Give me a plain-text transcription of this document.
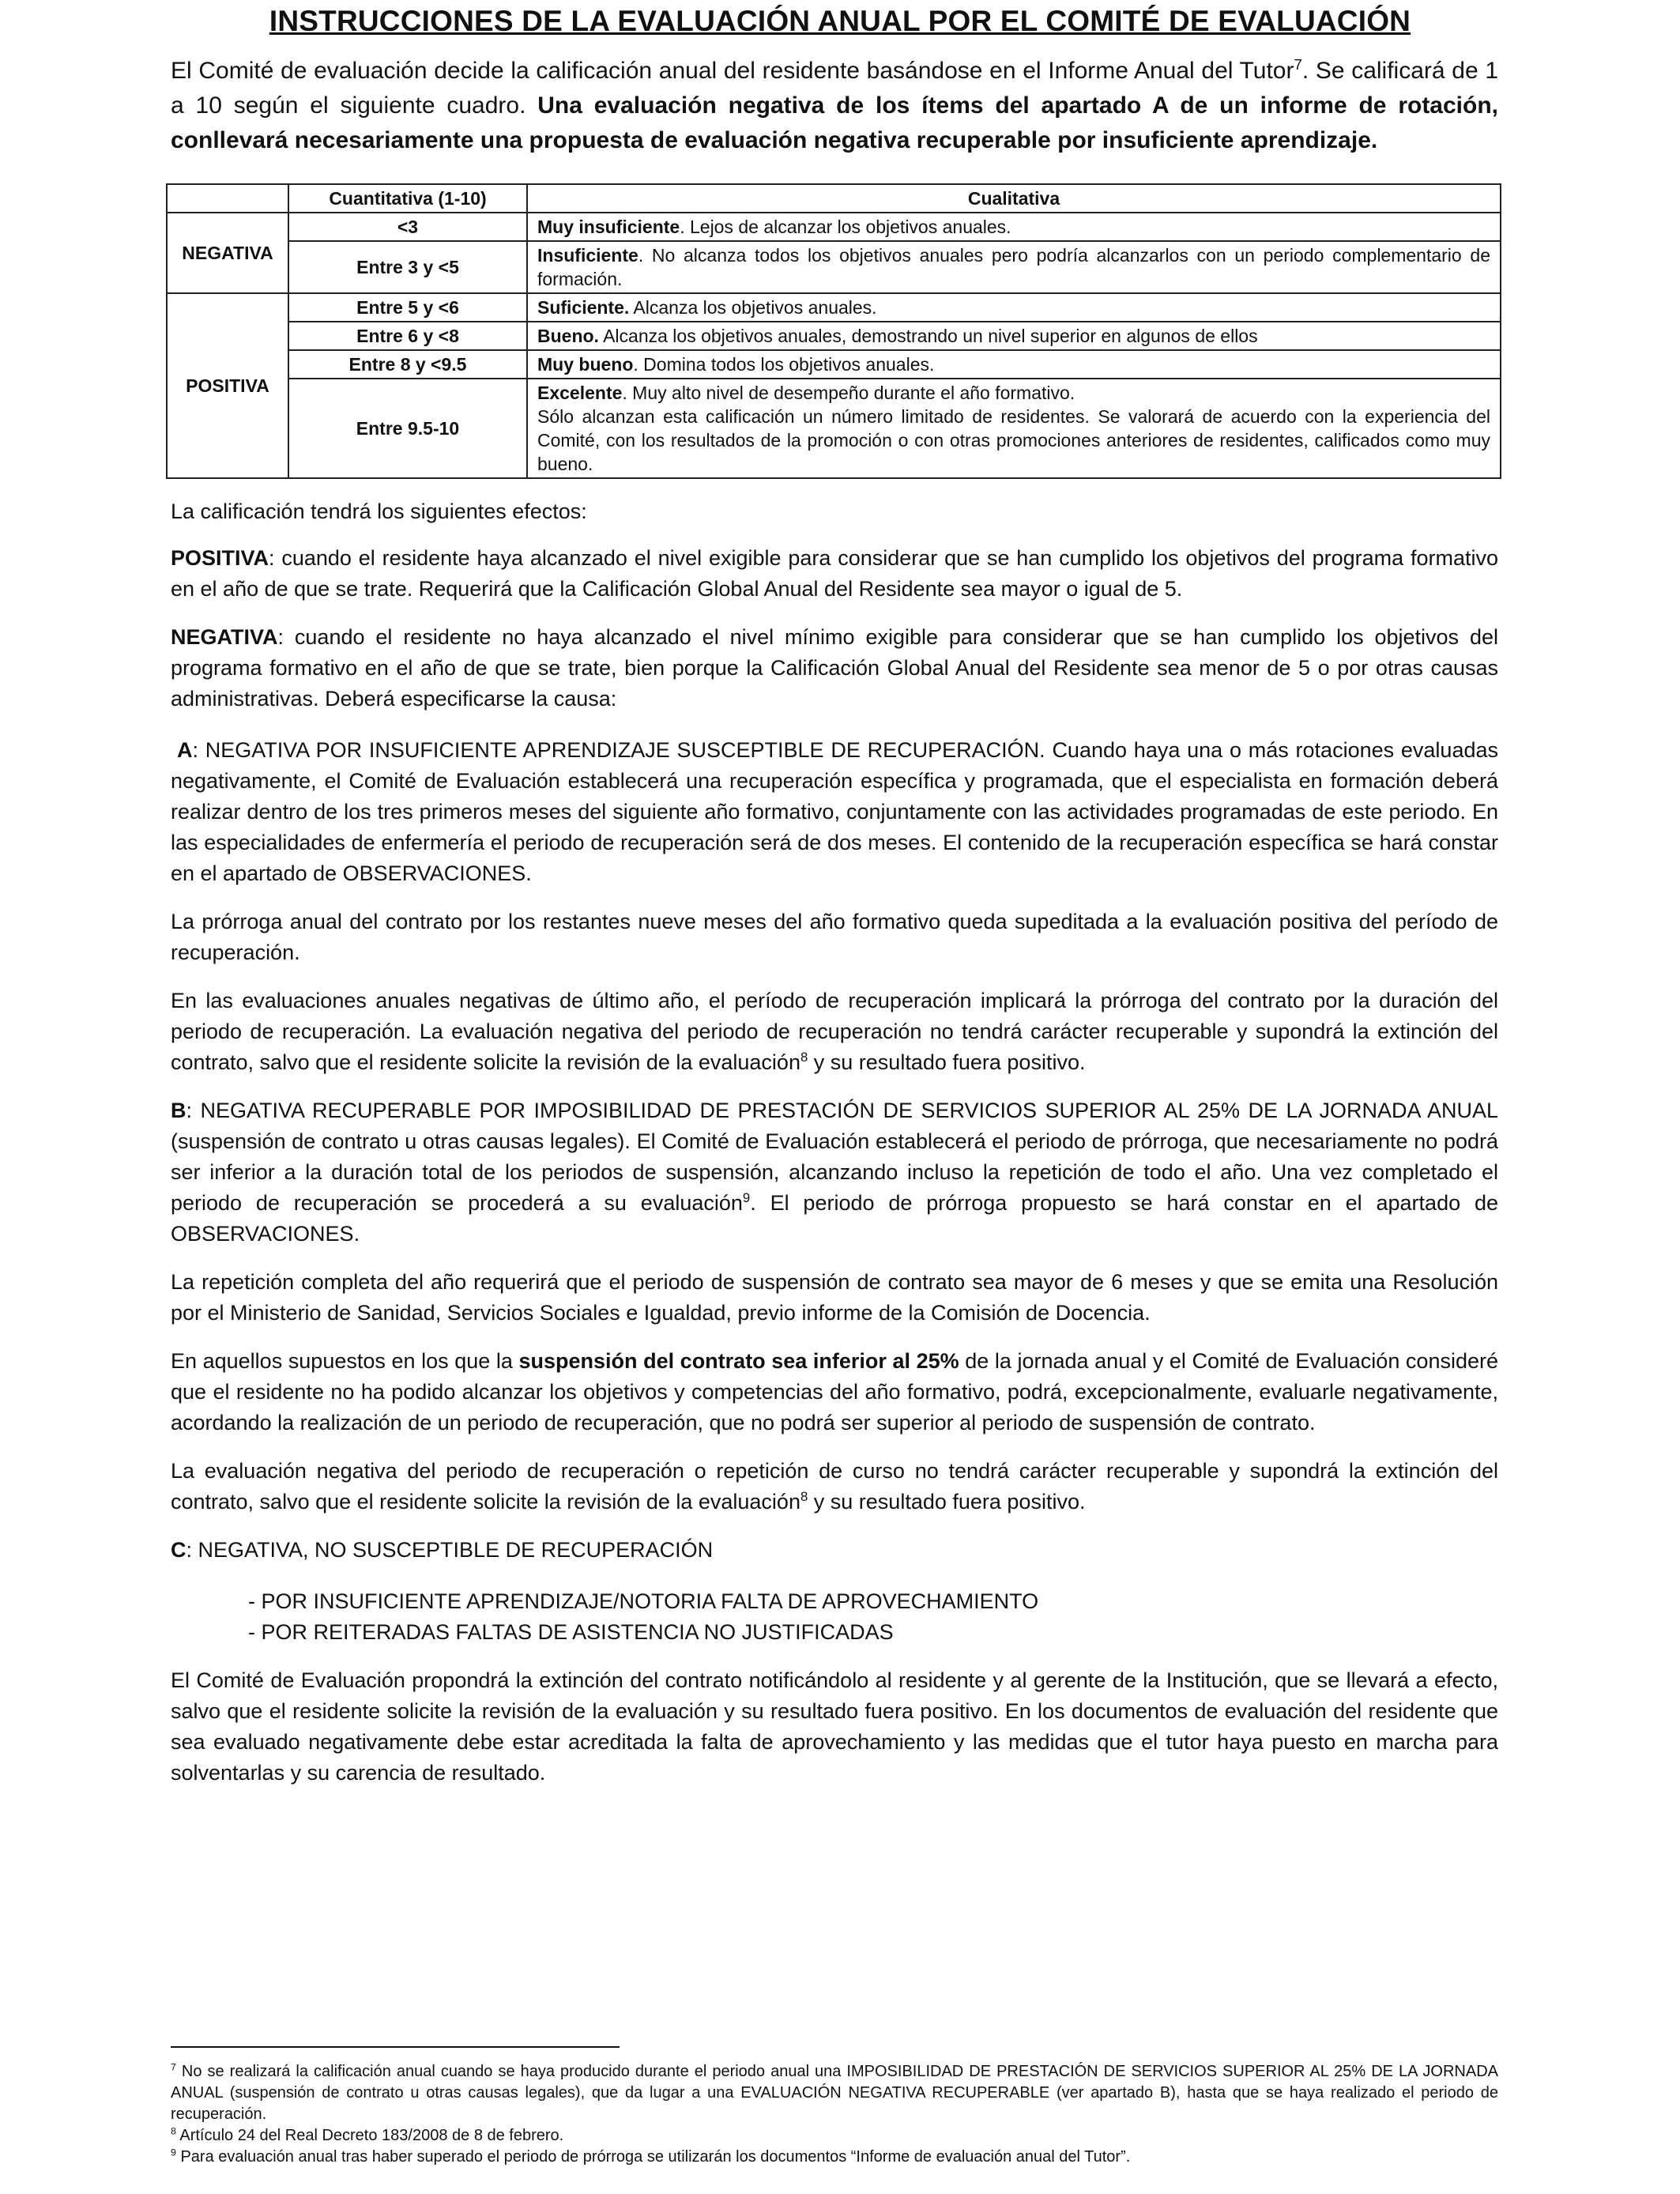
INSTRUCCIONES DE LA EVALUACIÓN ANUAL POR EL COMITÉ DE EVALUACIÓN

El Comité de evaluación decide la calificación anual del residente basándose en el Informe Anual del Tutor$^7$. Se calificará de 1 a 10 según el siguiente cuadro. Una evaluación negativa de los ítems del apartado A de un informe de rotación, conllevará necesariamente una propuesta de evaluación negativa recuperable por insuficiente aprendizaje.

	Cuantitativa (1-10)	Cualitativa
NEGATIVA	<3	Muy insuficiente. Lejos de alcanzar los objetivos anuales.
	Entre 3 y <5	Insuficiente. No alcanza todos los objetivos anuales pero podría alcanzarlos con un periodo complementario de formación.
POSITIVA	Entre 5 y <6	Suficiente. Alcanza los objetivos anuales.
	Entre 6 y <8	Bueno. Alcanza los objetivos anuales, demostrando un nivel superior en algunos de ellos
	Entre 8 y <9.5	Muy bueno. Domina todos los objetivos anuales.
	Entre 9.5-10	Excelente. Muy alto nivel de desempeño durante el año formativo.
Sólo alcanzan esta calificación un número limitado de residentes. Se valorará de acuerdo con la experiencia del Comité, con los resultados de la promoción o con otras promociones anteriores de residentes, calificados como muy bueno.

La calificación tendrá los siguientes efectos:

POSITIVA: cuando el residente haya alcanzado el nivel exigible para considerar que se han cumplido los objetivos del programa formativo en el año de que se trate. Requerirá que la Calificación Global Anual del Residente sea mayor o igual de 5.

NEGATIVA: cuando el residente no haya alcanzado el nivel mínimo exigible para considerar que se han cumplido los objetivos del programa formativo en el año de que se trate, bien porque la Calificación Global Anual del Residente sea menor de 5 o por otras causas administrativas. Deberá especificarse la causa:

A: NEGATIVA POR INSUFICIENTE APRENDIZAJE SUSCEPTIBLE DE RECUPERACIÓN. Cuando haya una o más rotaciones evaluadas negativamente, el Comité de Evaluación establecerá una recuperación específica y programada, que el especialista en formación deberá realizar dentro de los tres primeros meses del siguiente año formativo, conjuntamente con las actividades programadas de este periodo. En las especialidades de enfermería el periodo de recuperación será de dos meses. El contenido de la recuperación específica se hará constar en el apartado de OBSERVACIONES.

La prórroga anual del contrato por los restantes nueve meses del año formativo queda supeditada a la evaluación positiva del período de recuperación.

En las evaluaciones anuales negativas de último año, el período de recuperación implicará la prórroga del contrato por la duración del periodo de recuperación. La evaluación negativa del periodo de recuperación no tendrá carácter recuperable y supondrá la extinción del contrato, salvo que el residente solicite la revisión de la evaluación$^8$ y su resultado fuera positivo.

B: NEGATIVA RECUPERABLE POR IMPOSIBILIDAD DE PRESTACIÓN DE SERVICIOS SUPERIOR AL 25% DE LA JORNADA ANUAL (suspensión de contrato u otras causas legales). El Comité de Evaluación establecerá el periodo de prórroga, que necesariamente no podrá ser inferior a la duración total de los periodos de suspensión, alcanzando incluso la repetición de todo el año. Una vez completado el periodo de recuperación se procederá a su evaluación$^9$. El periodo de prórroga propuesto se hará constar en el apartado de OBSERVACIONES.

La repetición completa del año requerirá que el periodo de suspensión de contrato sea mayor de 6 meses y que se emita una Resolución por el Ministerio de Sanidad, Servicios Sociales e Igualdad, previo informe de la Comisión de Docencia.

En aquellos supuestos en los que la suspensión del contrato sea inferior al 25% de la jornada anual y el Comité de Evaluación consideré que el residente no ha podido alcanzar los objetivos y competencias del año formativo, podrá, excepcionalmente, evaluarle negativamente, acordando la realización de un periodo de recuperación, que no podrá ser superior al periodo de suspensión de contrato.

La evaluación negativa del periodo de recuperación o repetición de curso no tendrá carácter recuperable y supondrá la extinción del contrato, salvo que el residente solicite la revisión de la evaluación$^8$ y su resultado fuera positivo.

C: NEGATIVA, NO SUSCEPTIBLE DE RECUPERACIÓN

- POR INSUFICIENTE APRENDIZAJE/NOTORIA FALTA DE APROVECHAMIENTO
- POR REITERADAS FALTAS DE ASISTENCIA NO JUSTIFICADAS

El Comité de Evaluación propondrá la extinción del contrato notificándolo al residente y al gerente de la Institución, que se llevará a efecto, salvo que el residente solicite la revisión de la evaluación y su resultado fuera positivo. En los documentos de evaluación del residente que sea evaluado negativamente debe estar acreditada la falta de aprovechamiento y las medidas que el tutor haya puesto en marcha para solventarlas y su carencia de resultado.

$^7$ No se realizará la calificación anual cuando se haya producido durante el periodo anual una IMPOSIBILIDAD DE PRESTACIÓN DE SERVICIOS SUPERIOR AL 25% DE LA JORNADA ANUAL (suspensión de contrato u otras causas legales), que da lugar a una EVALUACIÓN NEGATIVA RECUPERABLE (ver apartado B), hasta que se haya realizado el periodo de recuperación.

$^8$ Artículo 24 del Real Decreto 183/2008 de 8 de febrero.

$^9$ Para evaluación anual tras haber superado el periodo de prórroga se utilizarán los documentos “Informe de evaluación anual del Tutor”.
